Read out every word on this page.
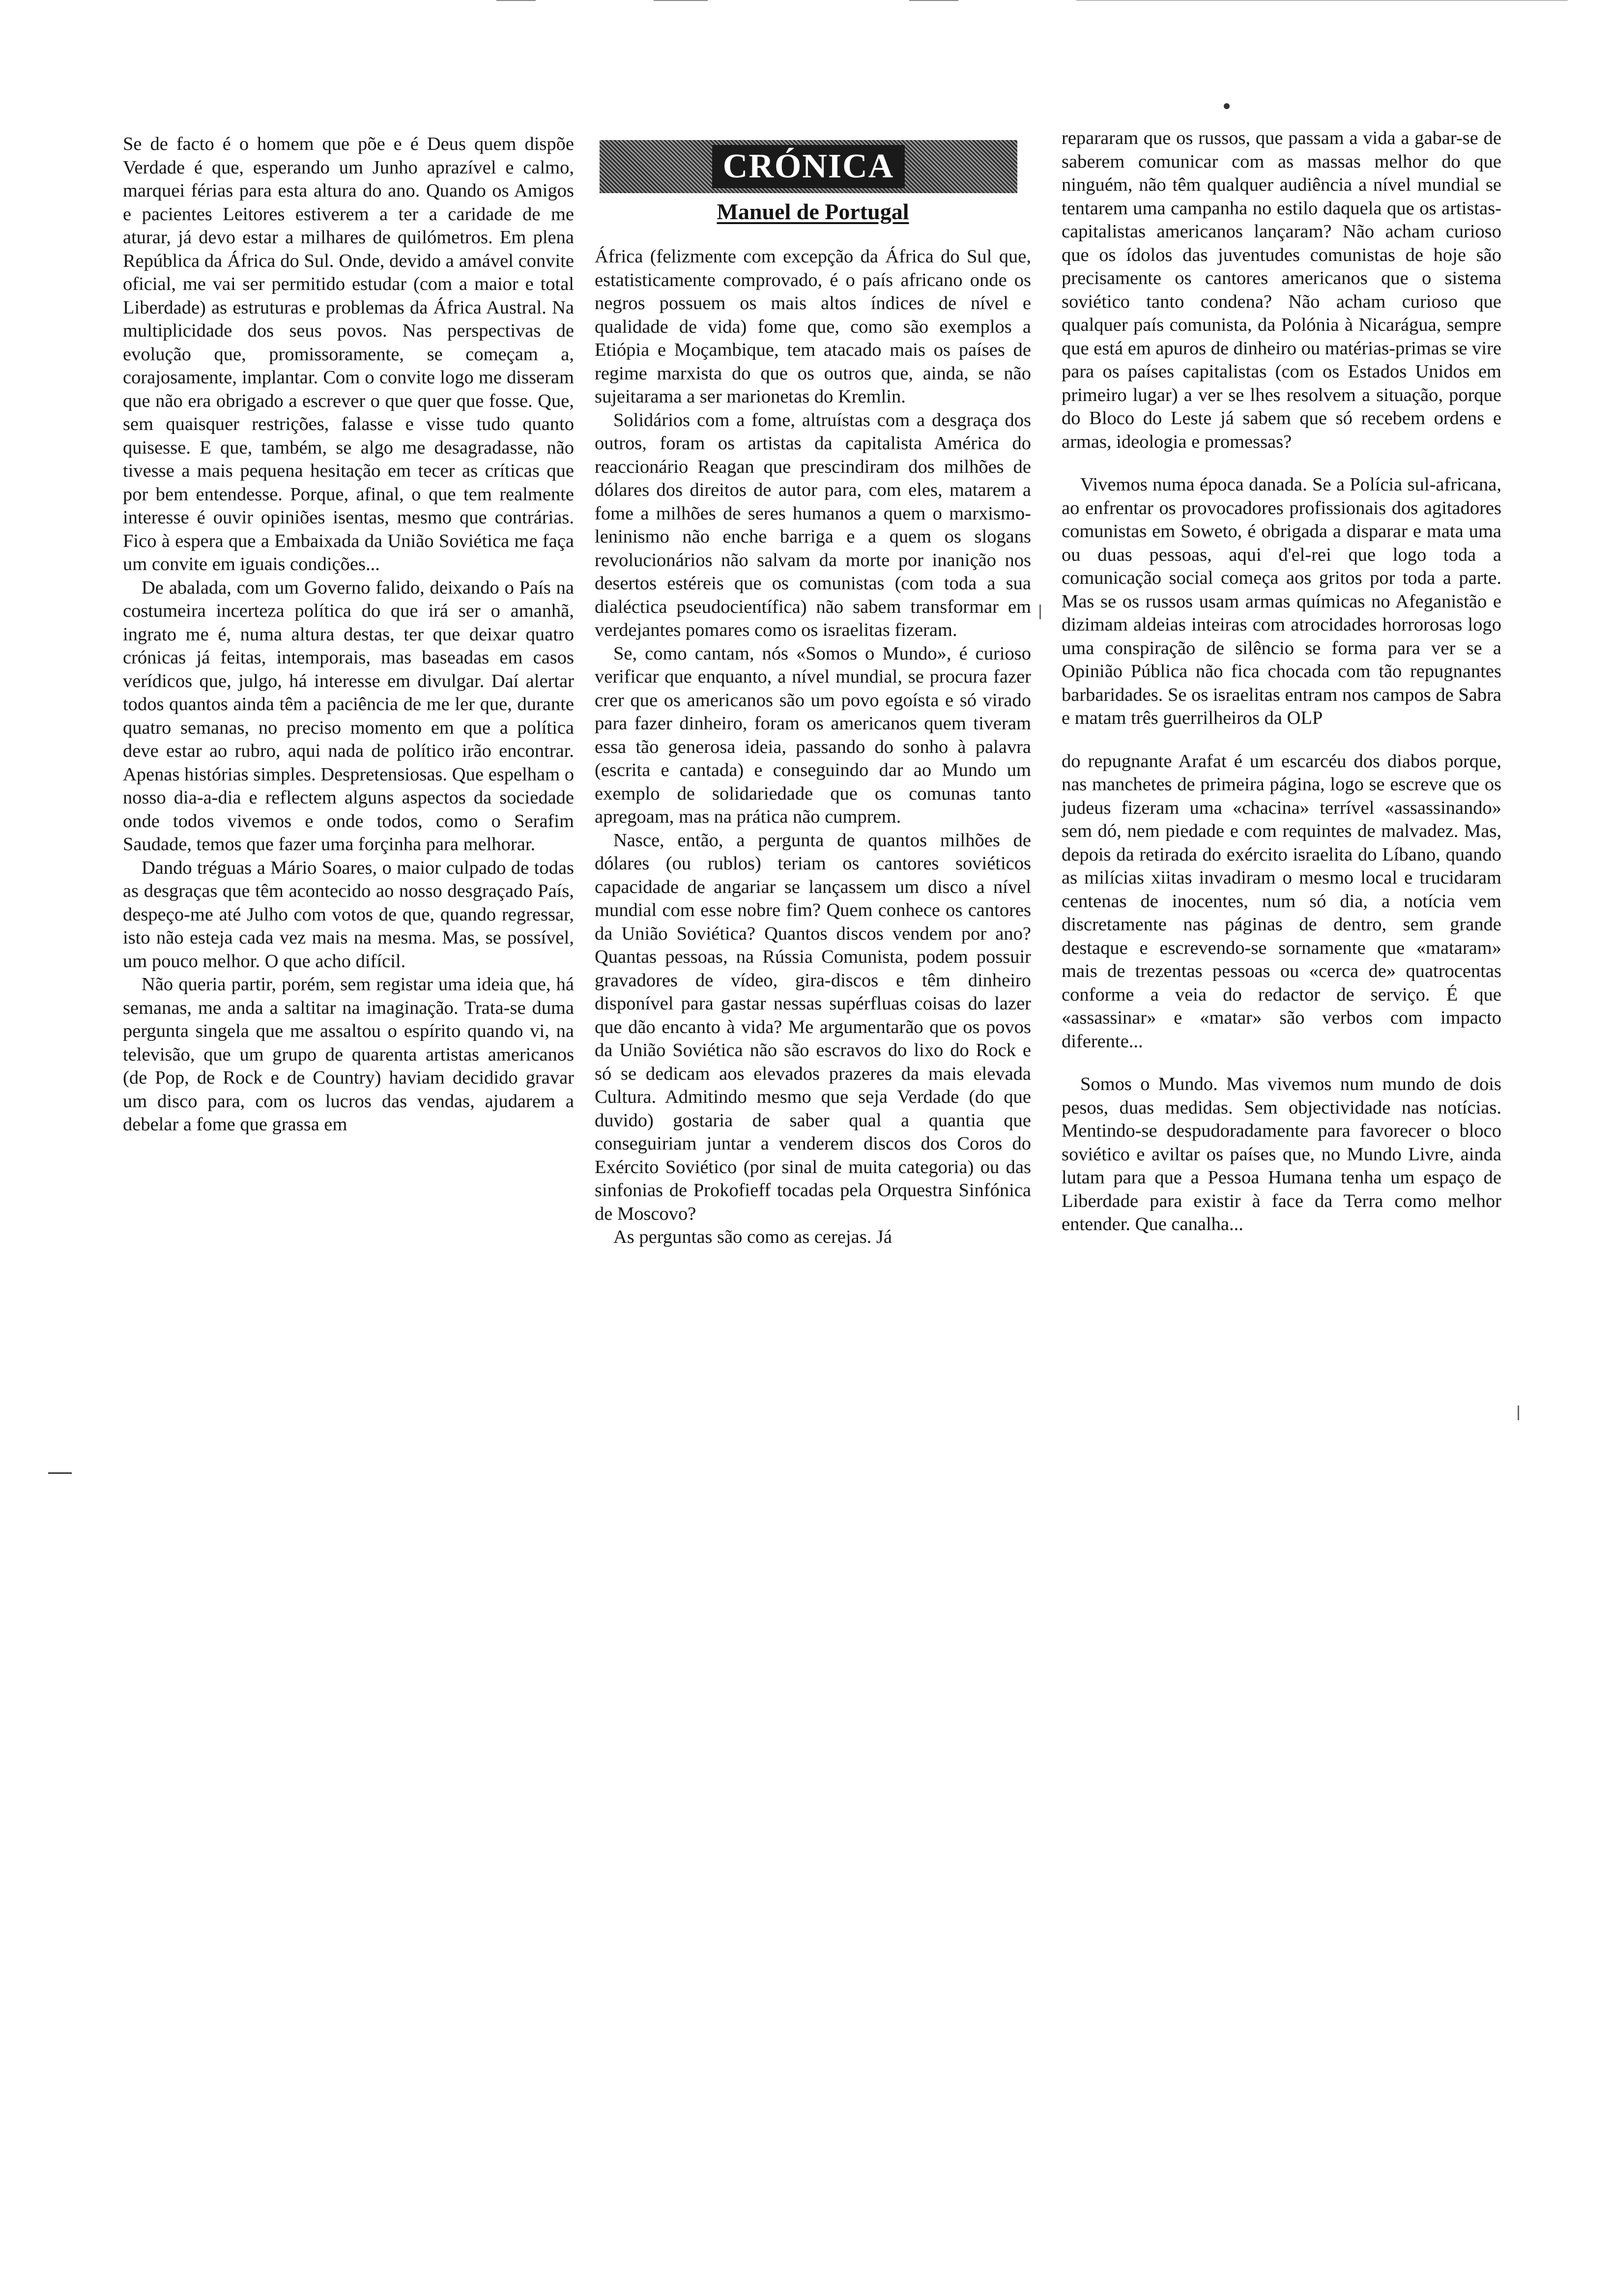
Se de facto é o homem que põe e é Deus quem dispõe Verdade é que, esperando um Junho aprazível e calmo, marquei férias para esta altura do ano. Quando os Amigos e pacientes Leitores estiverem a ter a caridade de me aturar, já devo estar a milhares de quilómetros. Em plena República da África do Sul. Onde, devido a amável convite oficial, me vai ser permitido estudar (com a maior e total Liberdade) as estruturas e problemas da África Austral. Na multiplicidade dos seus povos. Nas perspectivas de evolução que, promissoramente, se começam a, corajosamente, implantar. Com o convite logo me disseram que não era obrigado a escrever o que quer que fosse. Que, sem quaisquer restrições, falasse e visse tudo quanto quisesse. E que, também, se algo me desagradasse, não tivesse a mais pequena hesitação em tecer as críticas que por bem entendesse. Porque, afinal, o que tem realmente interesse é ouvir opiniões isentas, mesmo que contrárias. Fico à espera que a Embaixada da União Soviética me faça um convite em iguais condições...

De abalada, com um Governo falido, deixando o País na costumeira incerteza política do que irá ser o amanhã, ingrato me é, numa altura destas, ter que deixar quatro crónicas já feitas, intemporais, mas baseadas em casos verídicos que, julgo, há interesse em divulgar. Daí alertar todos quantos ainda têm a paciência de me ler que, durante quatro semanas, no preciso momento em que a política deve estar ao rubro, aqui nada de político irão encontrar. Apenas histórias simples. Despretensiosas. Que espelham o nosso dia-a-dia e reflectem alguns aspectos da sociedade onde todos vivemos e onde todos, como o Serafim Saudade, temos que fazer uma forçinha para melhorar.

Dando tréguas a Mário Soares, o maior culpado de todas as desgraças que têm acontecido ao nosso desgraçado País, despeço-me até Julho com votos de que, quando regressar, isto não esteja cada vez mais na mesma. Mas, se possível, um pouco melhor. O que acho difícil.

Não queria partir, porém, sem registar uma ideia que, há semanas, me anda a saltitar na imaginação. Trata-se duma pergunta singela que me assaltou o espírito quando vi, na televisão, que um grupo de quarenta artistas americanos (de Pop, de Rock e de Country) haviam decidido gravar um disco para, com os lucros das vendas, ajudarem a debelar a fome que grassa em

CRÓNICA
Manuel de Portugal

África (felizmente com excepção da África do Sul que, estatisticamente comprovado, é o país africano onde os negros possuem os mais altos índices de nível e qualidade de vida) fome que, como são exemplos a Etiópia e Moçambique, tem atacado mais os países de regime marxista do que os outros que, ainda, se não sujeitarama a ser marionetas do Kremlin.

Solidários com a fome, altruístas com a desgraça dos outros, foram os artistas da capitalista América do reaccionário Reagan que prescindiram dos milhões de dólares dos direitos de autor para, com eles, matarem a fome a milhões de seres humanos a quem o marxismo-leninismo não enche barriga e a quem os slogans revolucionários não salvam da morte por inanição nos desertos estéreis que os comunistas (com toda a sua dialéctica pseudocientífica) não sabem transformar em verdejantes pomares como os israelitas fizeram.

Se, como cantam, nós «Somos o Mundo», é curioso verificar que enquanto, a nível mundial, se procura fazer crer que os americanos são um povo egoísta e só virado para fazer dinheiro, foram os americanos quem tiveram essa tão generosa ideia, passando do sonho à palavra (escrita e cantada) e conseguindo dar ao Mundo um exemplo de solidariedade que os comunas tanto apregoam, mas na prática não cumprem.

Nasce, então, a pergunta de quantos milhões de dólares (ou rublos) teriam os cantores soviéticos capacidade de angariar se lançassem um disco a nível mundial com esse nobre fim? Quem conhece os cantores da União Soviética? Quantos discos vendem por ano? Quantas pessoas, na Rússia Comunista, podem possuir gravadores de vídeo, gira-discos e têm dinheiro disponível para gastar nessas supérfluas coisas do lazer que dão encanto à vida? Me argumentarão que os povos da União Soviética não são escravos do lixo do Rock e só se dedicam aos elevados prazeres da mais elevada Cultura. Admitindo mesmo que seja Verdade (do que duvido) gostaria de saber qual a quantia que conseguiriam juntar a venderem discos dos Coros do Exército Soviético (por sinal de muita categoria) ou das sinfonias de Prokofieff tocadas pela Orquestra Sinfónica de Moscovo?

As perguntas são como as cerejas. Já

repararam que os russos, que passam a vida a gabar-se de saberem comunicar com as massas melhor do que ninguém, não têm qualquer audiência a nível mundial se tentarem uma campanha no estilo daquela que os artistas-capitalistas americanos lançaram? Não acham curioso que os ídolos das juventudes comunistas de hoje são precisamente os cantores americanos que o sistema soviético tanto condena? Não acham curioso que qualquer país comunista, da Polónia à Nicarágua, sempre que está em apuros de dinheiro ou matérias-primas se vire para os países capitalistas (com os Estados Unidos em primeiro lugar) a ver se lhes resolvem a situação, porque do Bloco do Leste já sabem que só recebem ordens e armas, ideologia e promessas?

Vivemos numa época danada. Se a Polícia sul-africana, ao enfrentar os provocadores profissionais dos agitadores comunistas em Soweto, é obrigada a disparar e mata uma ou duas pessoas, aqui d'el-rei que logo toda a comunicação social começa aos gritos por toda a parte. Mas se os russos usam armas químicas no Afeganistão e dizimam aldeias inteiras com atrocidades horrorosas logo uma conspiração de silêncio se forma para ver se a Opinião Pública não fica chocada com tão repugnantes barbaridades. Se os israelitas entram nos campos de Sabra e matam três guerrilheiros da OLP

do repugnante Arafat é um escarcéu dos diabos porque, nas manchetes de primeira página, logo se escreve que os judeus fizeram uma «chacina» terrível «assassinando» sem dó, nem piedade e com requintes de malvadez. Mas, depois da retirada do exército israelita do Líbano, quando as milícias xiitas invadiram o mesmo local e trucidaram centenas de inocentes, num só dia, a notícia vem discretamente nas páginas de dentro, sem grande destaque e escrevendo-se sornamente que «mataram» mais de trezentas pessoas ou «cerca de» quatrocentas conforme a veia do redactor de serviço. É que «assassinar» e «matar» são verbos com impacto diferente...

Somos o Mundo. Mas vivemos num mundo de dois pesos, duas medidas. Sem objectividade nas notícias. Mentindo-se despudoradamente para favorecer o bloco soviético e aviltar os países que, no Mundo Livre, ainda lutam para que a Pessoa Humana tenha um espaço de Liberdade para existir à face da Terra como melhor entender. Que canalha...
